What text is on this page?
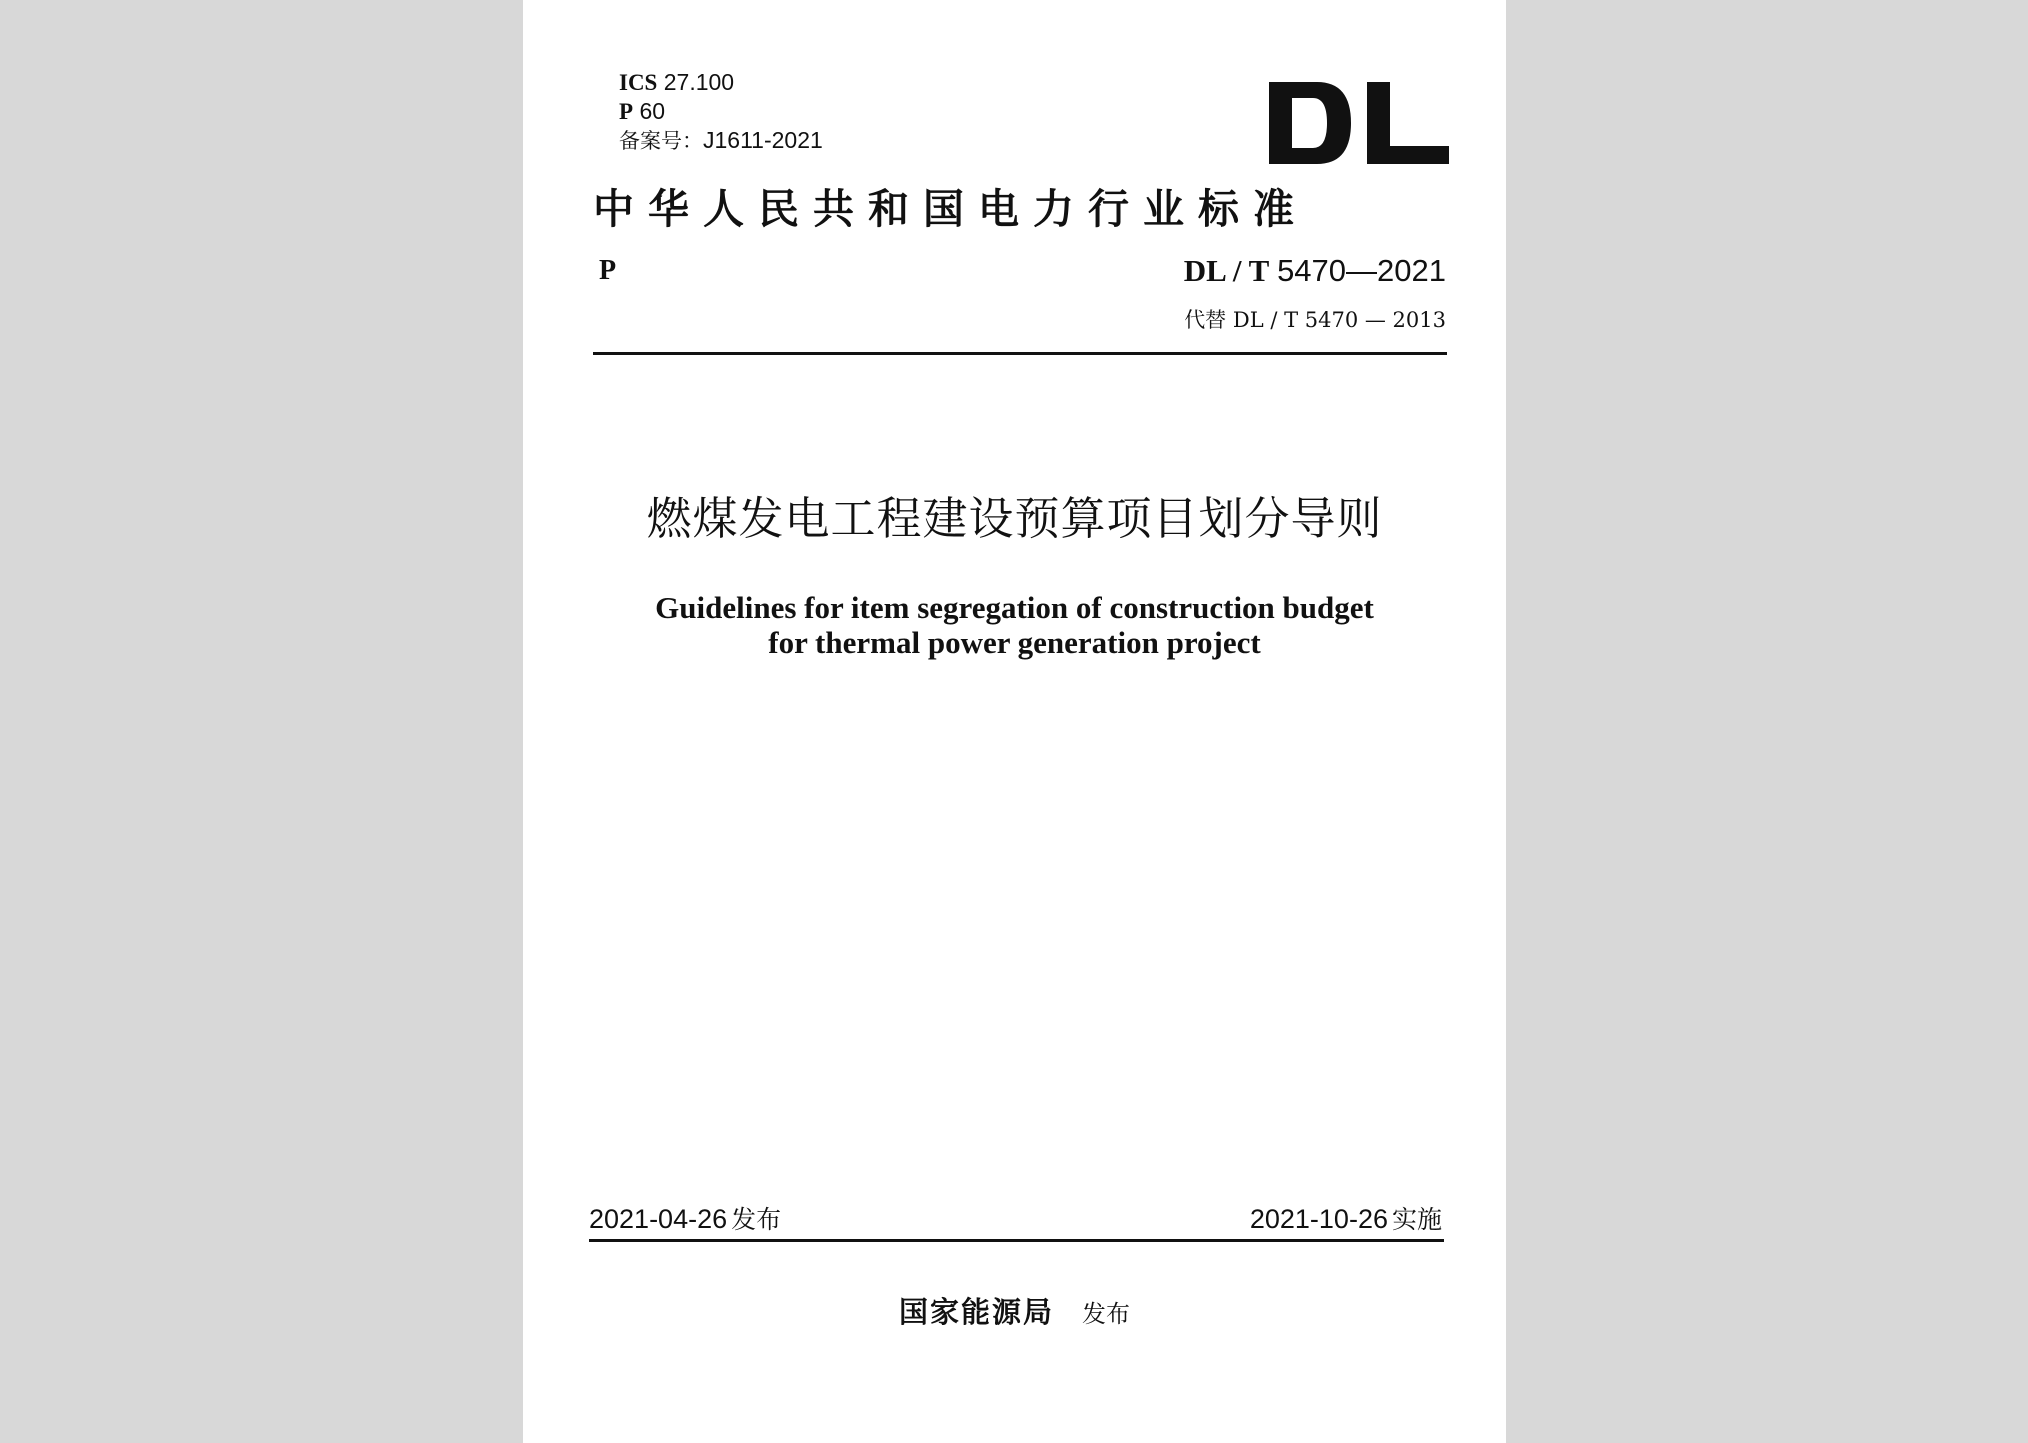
ICS 27.100
P 60
备案号：J1611-2021
中华人民共和国电力行业标准
P	DL / T 5470—2021
代替 DL / T 5470 — 2013
燃煤发电工程建设预算项目划分导则
Guidelines for item segregation of construction budget
for thermal power generation project
2021-04-26 发布	2021-10-26 实施
国家能源局 发布
